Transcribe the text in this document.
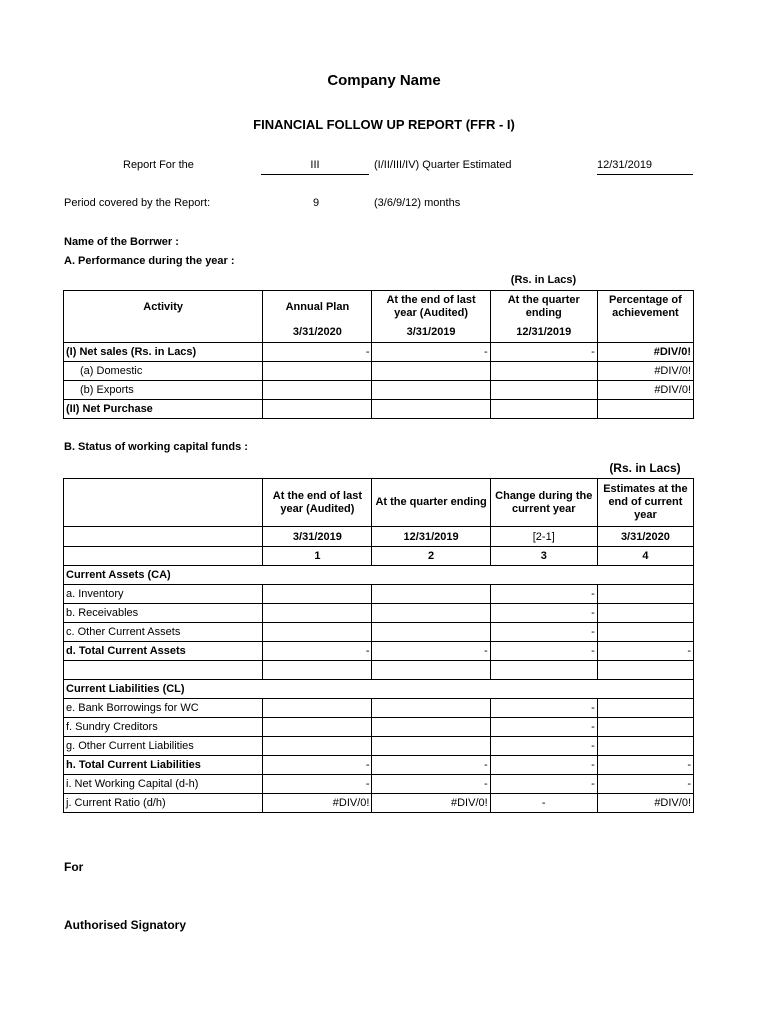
Company Name
FINANCIAL FOLLOW UP REPORT (FFR - I)
Report For the	III	(I/II/III/IV) Quarter Estimated	12/31/2019
Period covered by the Report:	9	(3/6/9/12) months
Name of the Borrwer :
A. Performance during the year :
(Rs. in Lacs)
Activity	Annual Plan	At the end of last year (Audited)	At the quarter ending	Percentage of achievement
	3/31/2020	3/31/2019	12/31/2019	
(I) Net sales (Rs. in Lacs)	-	-	-	#DIV/0!
(a) Domestic				#DIV/0!
(b) Exports				#DIV/0!
(II) Net Purchase				
B. Status of working capital funds :
(Rs. in Lacs)
	At the end of last year (Audited)	At the quarter ending	Change during the current year	Estimates at the end of current year
	3/31/2019	12/31/2019	[2-1]	3/31/2020
	1	2	3	4
Current Assets (CA)				
a. Inventory			-	
b. Receivables			-	
c. Other Current Assets			-	
d. Total Current Assets	-	-	-	-

Current Liabilities (CL)				
e. Bank Borrowings for WC			-	
f. Sundry Creditors			-	
g. Other Current Liabilities			-	
h. Total Current Liabilities	-	-	-	-
i. Net Working Capital (d-h)	-	-	-	-
j. Current Ratio (d/h)	#DIV/0!	#DIV/0!	-	#DIV/0!
For
Authorised Signatory
